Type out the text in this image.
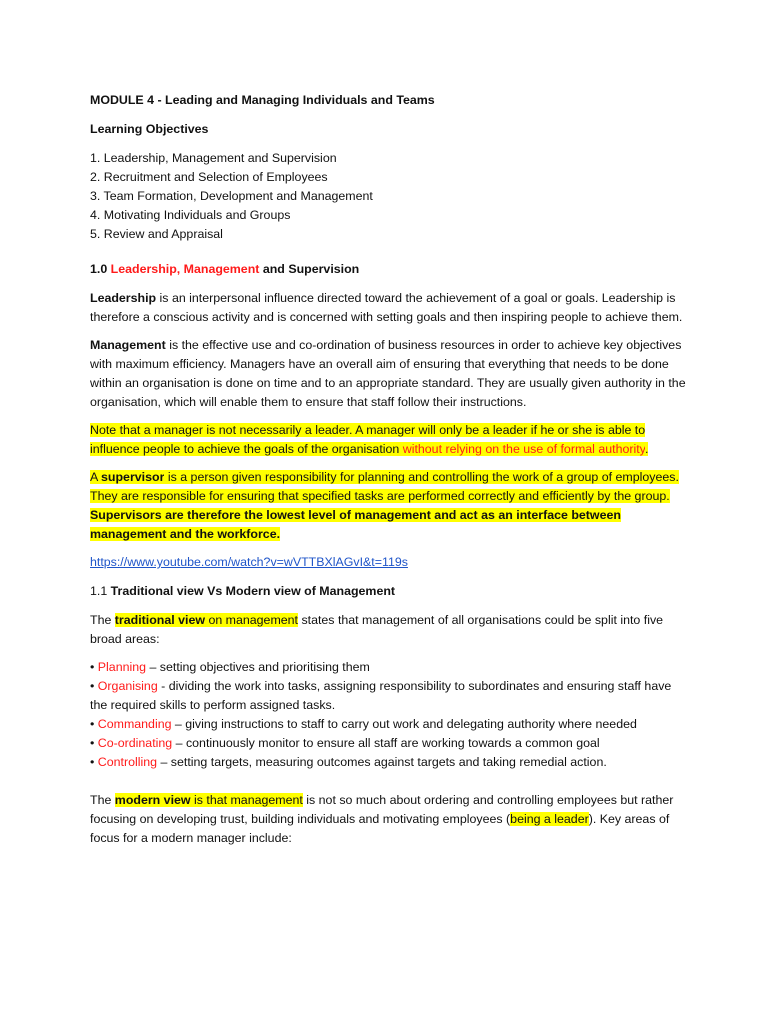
MODULE 4 - Leading and Managing Individuals and Teams

Learning Objectives

1. Leadership, Management and Supervision
2. Recruitment and Selection of Employees
3. Team Formation, Development and Management
4. Motivating Individuals and Groups
5. Review and Appraisal

1.0 Leadership, Management and Supervision

Leadership is an interpersonal influence directed toward the achievement of a goal or goals. Leadership is therefore a conscious activity and is concerned with setting goals and then inspiring people to achieve them.

Management is the effective use and co-ordination of business resources in order to achieve key objectives with maximum efficiency. Managers have an overall aim of ensuring that everything that needs to be done within an organisation is done on time and to an appropriate standard. They are usually given authority in the organisation, which will enable them to ensure that staff follow their instructions.

Note that a manager is not necessarily a leader. A manager will only be a leader if he or she is able to influence people to achieve the goals of the organisation without relying on the use of formal authority.

A supervisor is a person given responsibility for planning and controlling the work of a group of employees. They are responsible for ensuring that specified tasks are performed correctly and efficiently by the group. Supervisors are therefore the lowest level of management and act as an interface between management and the workforce.

https://www.youtube.com/watch?v=wVTTBXlAGvI&t=119s

1.1 Traditional view Vs Modern view of Management

The traditional view on management states that management of all organisations could be split into five broad areas:

• Planning – setting objectives and prioritising them
• Organising - dividing the work into tasks, assigning responsibility to subordinates and ensuring staff have the required skills to perform assigned tasks.
• Commanding – giving instructions to staff to carry out work and delegating authority where needed
• Co-ordinating – continuously monitor to ensure all staff are working towards a common goal
• Controlling – setting targets, measuring outcomes against targets and taking remedial action.

The modern view is that management is not so much about ordering and controlling employees but rather focusing on developing trust, building individuals and motivating employees (being a leader). Key areas of focus for a modern manager include:
